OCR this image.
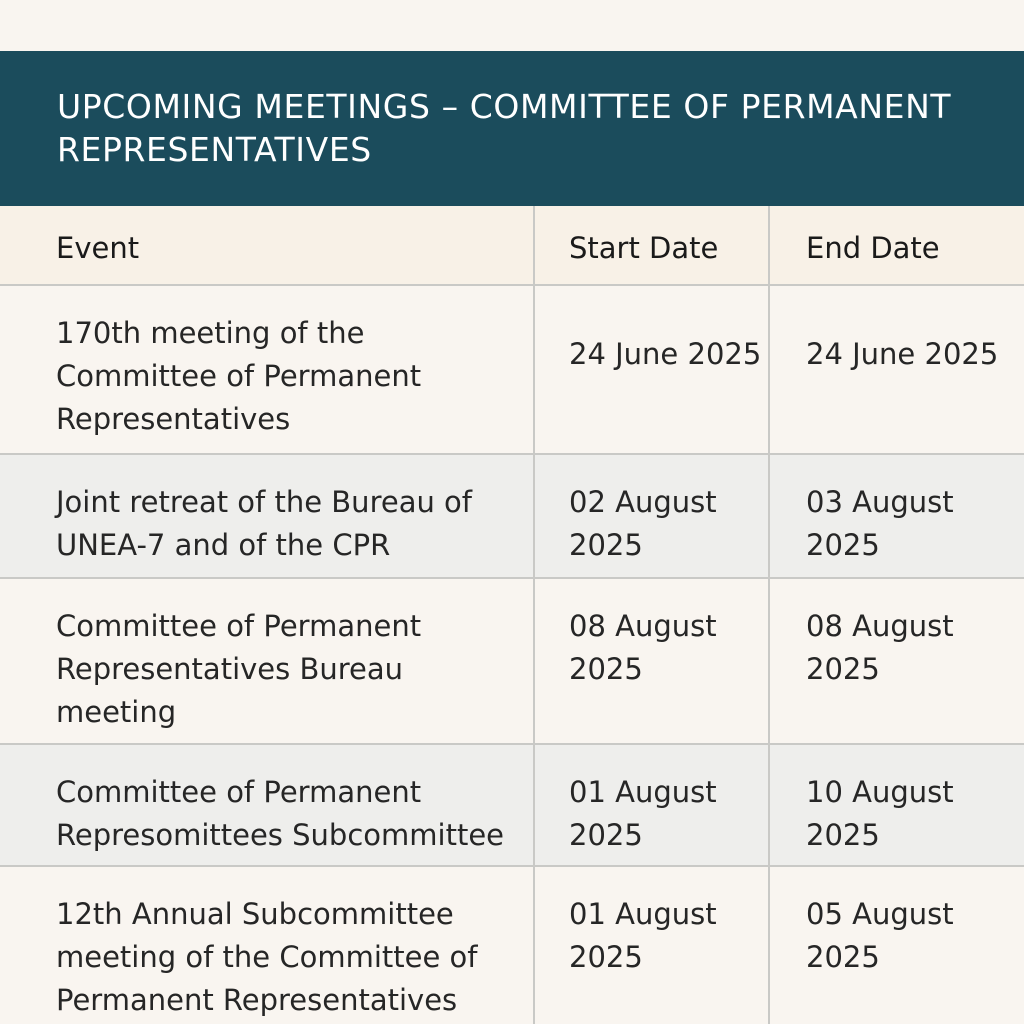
UPCOMING MEETINGS – COMMITTEE OF PERMANENT REPRESENTATIVES
Event	Start Date	End Date

170th meeting of the Committee of Permanent Representatives	24 June 2025	24 June 2025

Joint retreat of the Bureau of UNEA-7 and of the CPR	02 August 2025	03 August 2025

Committee of Permanent Representatives Bureau meeting	08 August 2025	08 August 2025

Committee of Permanent Represomittees Subcommittee	01 August 2025	10 August 2025

12th Annual Subcommittee meeting of the Committee of Permanent Representatives	01 August 2025	05 August 2025
